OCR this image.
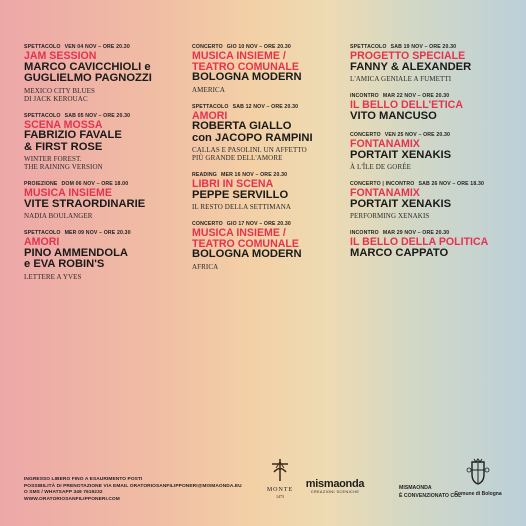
SPETTACOLO VEN 04 NOV – ORE 20.30
JAM SESSION
MARCO CAVICCHIOLI e
GUGLIELMO PAGNOZZI
MEXICO CITY BLUES
DI JACK KEROUAC
SPETTACOLO SAB 05 NOV – ORE 20.30
SCENA MOSSA
FABRIZIO FAVALE
& FIRST ROSE
WINTER FOREST.
THE RAINING VERSION
PROIEZIONE DOM 06 NOV – ORE 18.00
MUSICA INSIEME
VITE STRAORDINARIE
NADIA BOULANGER
SPETTACOLO MER 09 NOV – ORE 20.30
AMORI
PINO AMMENDOLA
e EVA ROBIN'S
LETTERE A YVES
CONCERTO GIO 10 NOV – ORE 20.30
MUSICA INSIEME /
TEATRO COMUNALE
BOLOGNA MODERN
AMERICA
SPETTACOLO SAB 12 NOV – ORE 20.30
AMORI
ROBERTA GIALLO
con JACOPO RAMPINI
CALLAS E PASOLINI. UN AFFETTO
PIÙ GRANDE DELL'AMORE
READING MER 16 NOV – ORE 20.30
LIBRI IN SCENA
PEPPE SERVILLO
IL RESTO DELLA SETTIMANA
CONCERTO GIO 17 NOV – ORE 20.30
MUSICA INSIEME /
TEATRO COMUNALE
BOLOGNA MODERN
AFRICA
SPETTACOLO SAB 19 NOV – ORE 20.30
PROGETTO SPECIALE
FANNY & ALEXANDER
L'AMICA GENIALE A FUMETTI
INCONTRO MAR 22 NOV – ORE 20.30
IL BELLO DELL'ETICA
VITO MANCUSO
CONCERTO VEN 25 NOV – ORE 20.30
FONTANAMIX
PORTAIT XENAKIS
À L'ÎLE DE GORÉE
CONCERTO | INCONTRO SAB 26 NOV – ORE 18.30
FONTANAMIX
PORTAIT XENAKIS
PERFORMING XENAKIS
INCONTRO MAR 29 NOV – ORE 20.30
IL BELLO DELLA POLITICA
MARCO CAPPATO
INGRESSO LIBERO FINO A ESAURIMENTO POSTI
POSSIBILITÀ DI PRENOTAZIONE VIA EMAIL ORATORIOSANFILIPPONERI@MISMAONDA.EU
O SMS / WHATSAPP 349 7619232
WWW.ORATORIOSANFILIPPONERI.COM
MONTE
1473
mismaonda
CREAZIONI SCENICHE
MISMAONDA
È CONVENZIONATO COL
Comune di Bologna
